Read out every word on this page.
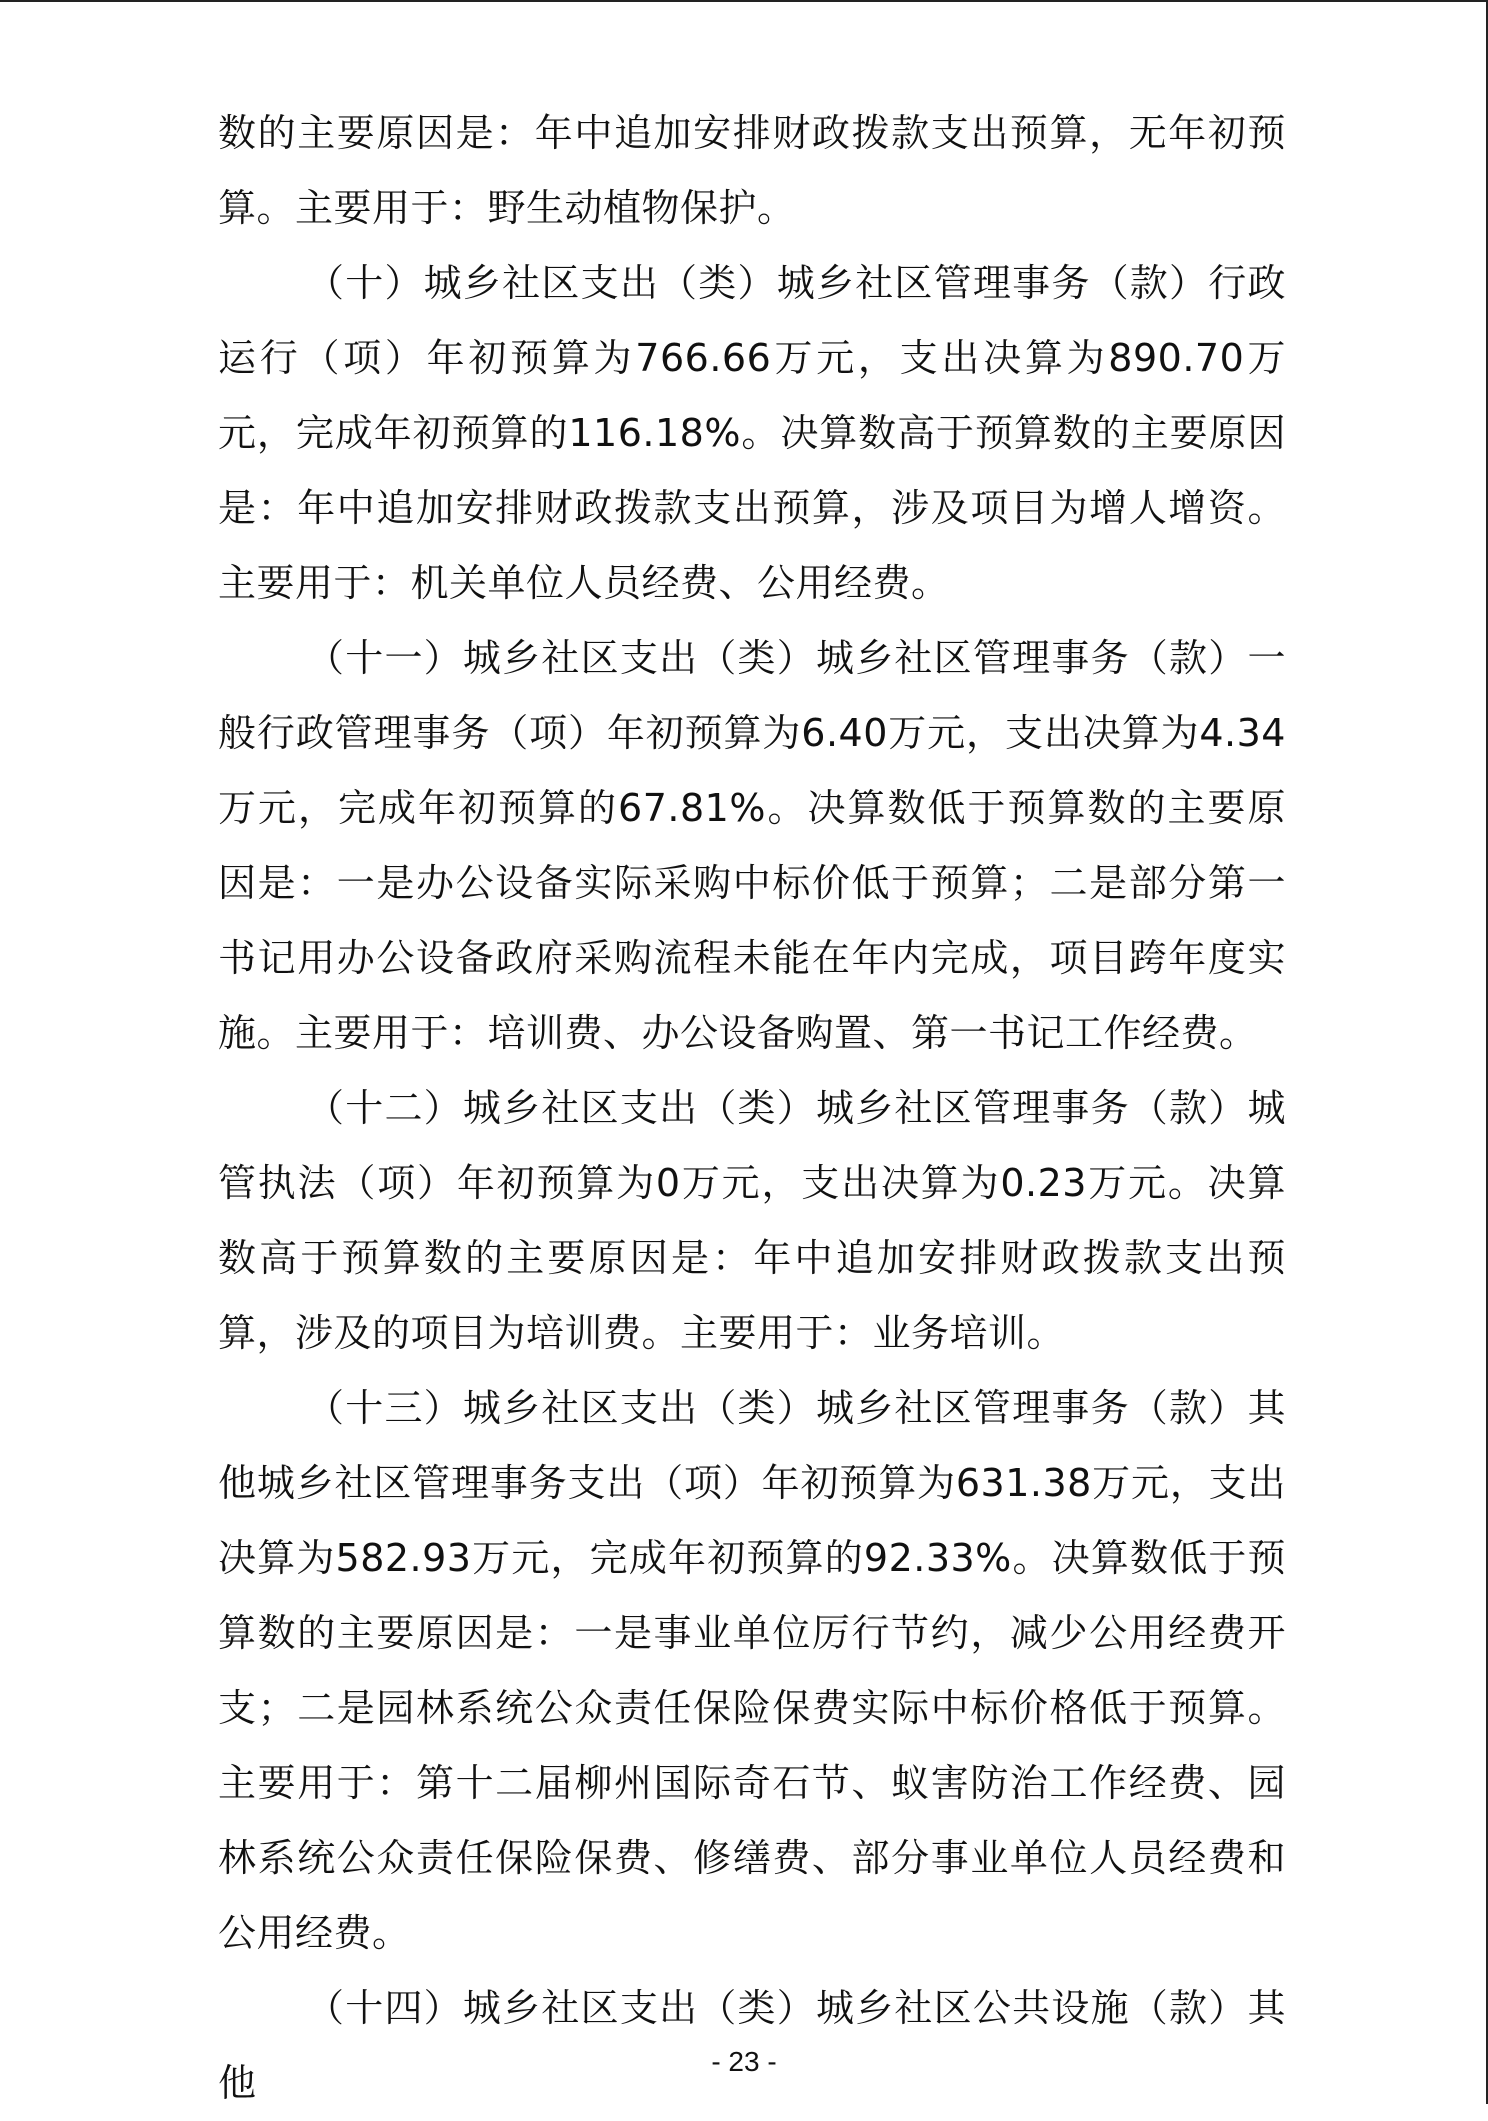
数的主要原因是：年中追加安排财政拨款支出预算，无年初预算。主要用于：野生动植物保护。

（十）城乡社区支出（类）城乡社区管理事务（款）行政运行（项）年初预算为766.66万元，支出决算为890.70万元，完成年初预算的116.18%。决算数高于预算数的主要原因是：年中追加安排财政拨款支出预算，涉及项目为增人增资。主要用于：机关单位人员经费、公用经费。

（十一）城乡社区支出（类）城乡社区管理事务（款）一般行政管理事务（项）年初预算为6.40万元，支出决算为4.34万元，完成年初预算的67.81%。决算数低于预算数的主要原因是：一是办公设备实际采购中标价低于预算；二是部分第一书记用办公设备政府采购流程未能在年内完成，项目跨年度实施。主要用于：培训费、办公设备购置、第一书记工作经费。

（十二）城乡社区支出（类）城乡社区管理事务（款）城管执法（项）年初预算为0万元，支出决算为0.23万元。决算数高于预算数的主要原因是：年中追加安排财政拨款支出预算，涉及的项目为培训费。主要用于：业务培训。

（十三）城乡社区支出（类）城乡社区管理事务（款）其他城乡社区管理事务支出（项）年初预算为631.38万元，支出决算为582.93万元，完成年初预算的92.33%。决算数低于预算数的主要原因是：一是事业单位厉行节约，减少公用经费开支；二是园林系统公众责任保险保费实际中标价格低于预算。主要用于：第十二届柳州国际奇石节、蚁害防治工作经费、园林系统公众责任保险保费、修缮费、部分事业单位人员经费和公用经费。

（十四）城乡社区支出（类）城乡社区公共设施（款）其他	- 23 -
